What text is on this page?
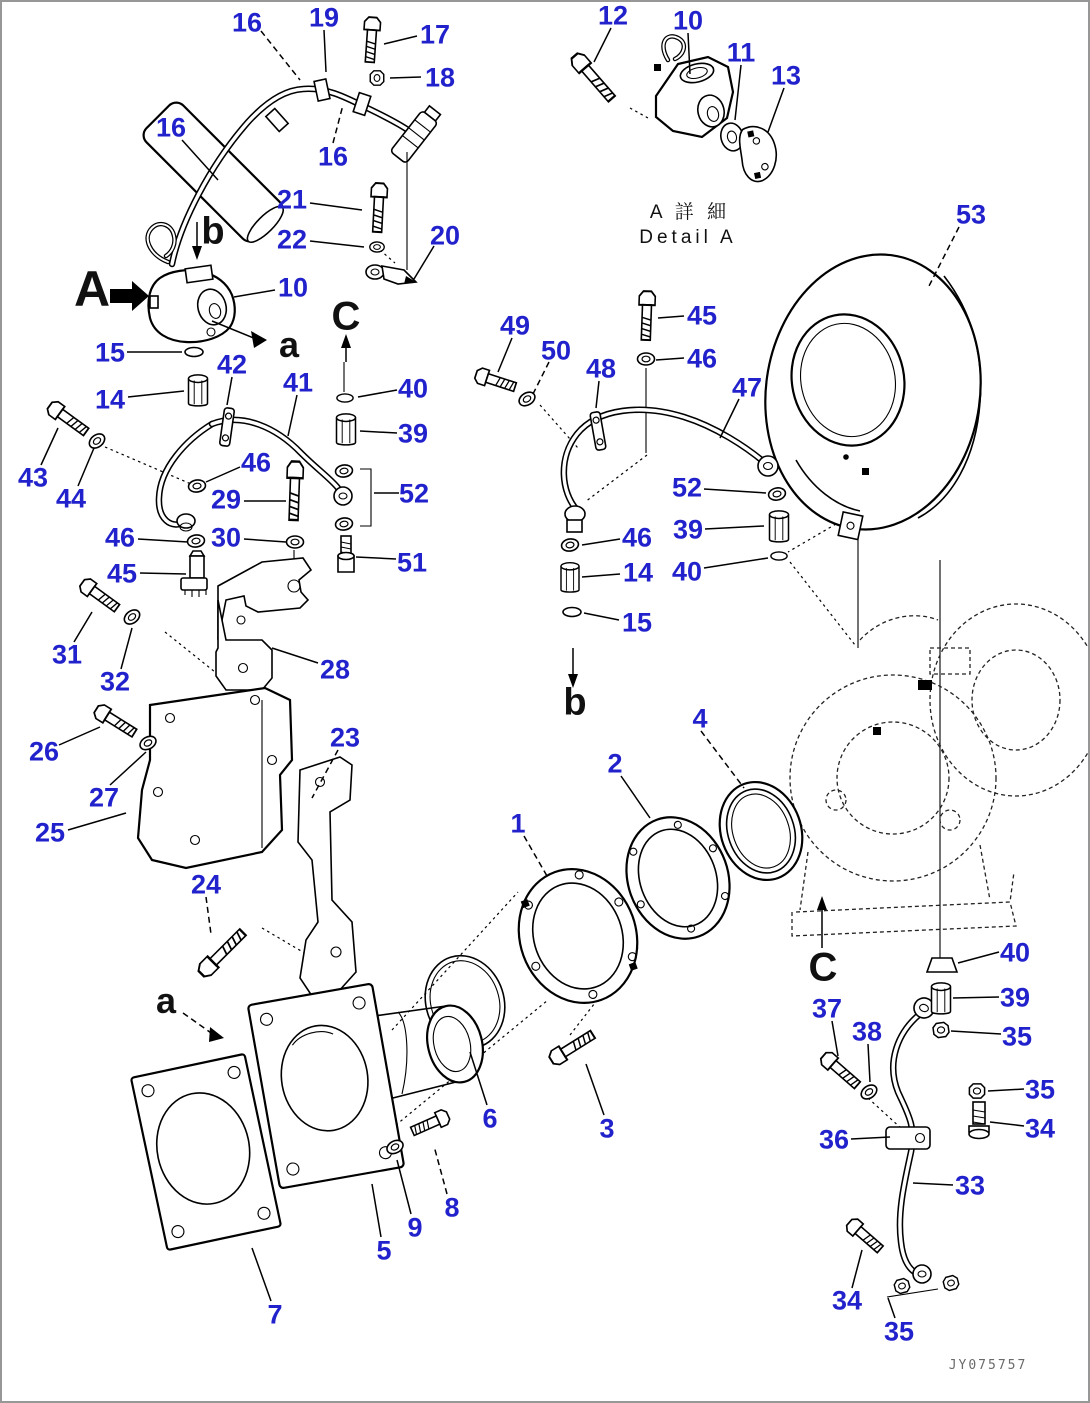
A 詳 細
Detail A
JY075757
A
b
C
a
b
C
a
16 19
17
18
12 10
11
13
16
16
21
22	20
53
10
15
14
42
41	40
39
43
44
46
29	52
46	30
45	51
31
32	28
26
27
25
23
24
49
50
48
45
46
47
52
39
46
14 40
15
4
2
1
37
38
40
39
35
35
34
36
33
6	3
8
9
5
7	34
35
